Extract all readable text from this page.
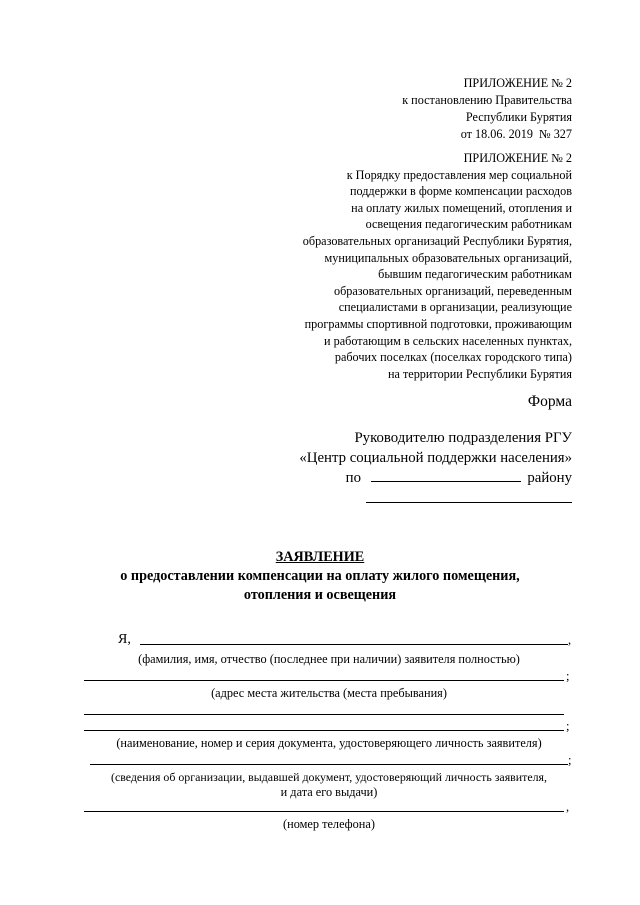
ПРИЛОЖЕНИЕ № 2
к постановлению Правительства
Республики Бурятия
от 18.06. 2019  № 327
ПРИЛОЖЕНИЕ № 2
к Порядку предоставления мер социальной
поддержки в форме компенсации расходов
на оплату жилых помещений, отопления и
освещения педагогическим работникам
образовательных организаций Республики Бурятия,
муниципальных образовательных организаций,
бывшим педагогическим работникам
образовательных организаций, переведенным
специалистами в организации, реализующие
программы спортивной подготовки, проживающим
и работающим в сельских населенных пунктах,
рабочих поселках (поселках городского типа)
на территории Республики Бурятия
Форма
Руководителю подразделения РГУ
«Центр социальной поддержки населения»
по	району
ЗАЯВЛЕНИЕ
о предоставлении компенсации на оплату жилого помещения,
отопления и освещения
Я,	,
(фамилия, имя, отчество (последнее при наличии) заявителя полностью)
;
(адрес места жительства (места пребывания)
;
(наименование, номер и серия документа, удостоверяющего личность заявителя)
;
(сведения об организации, выдавшей документ, удостоверяющий личность заявителя,
и дата его выдачи)
,
(номер телефона)
